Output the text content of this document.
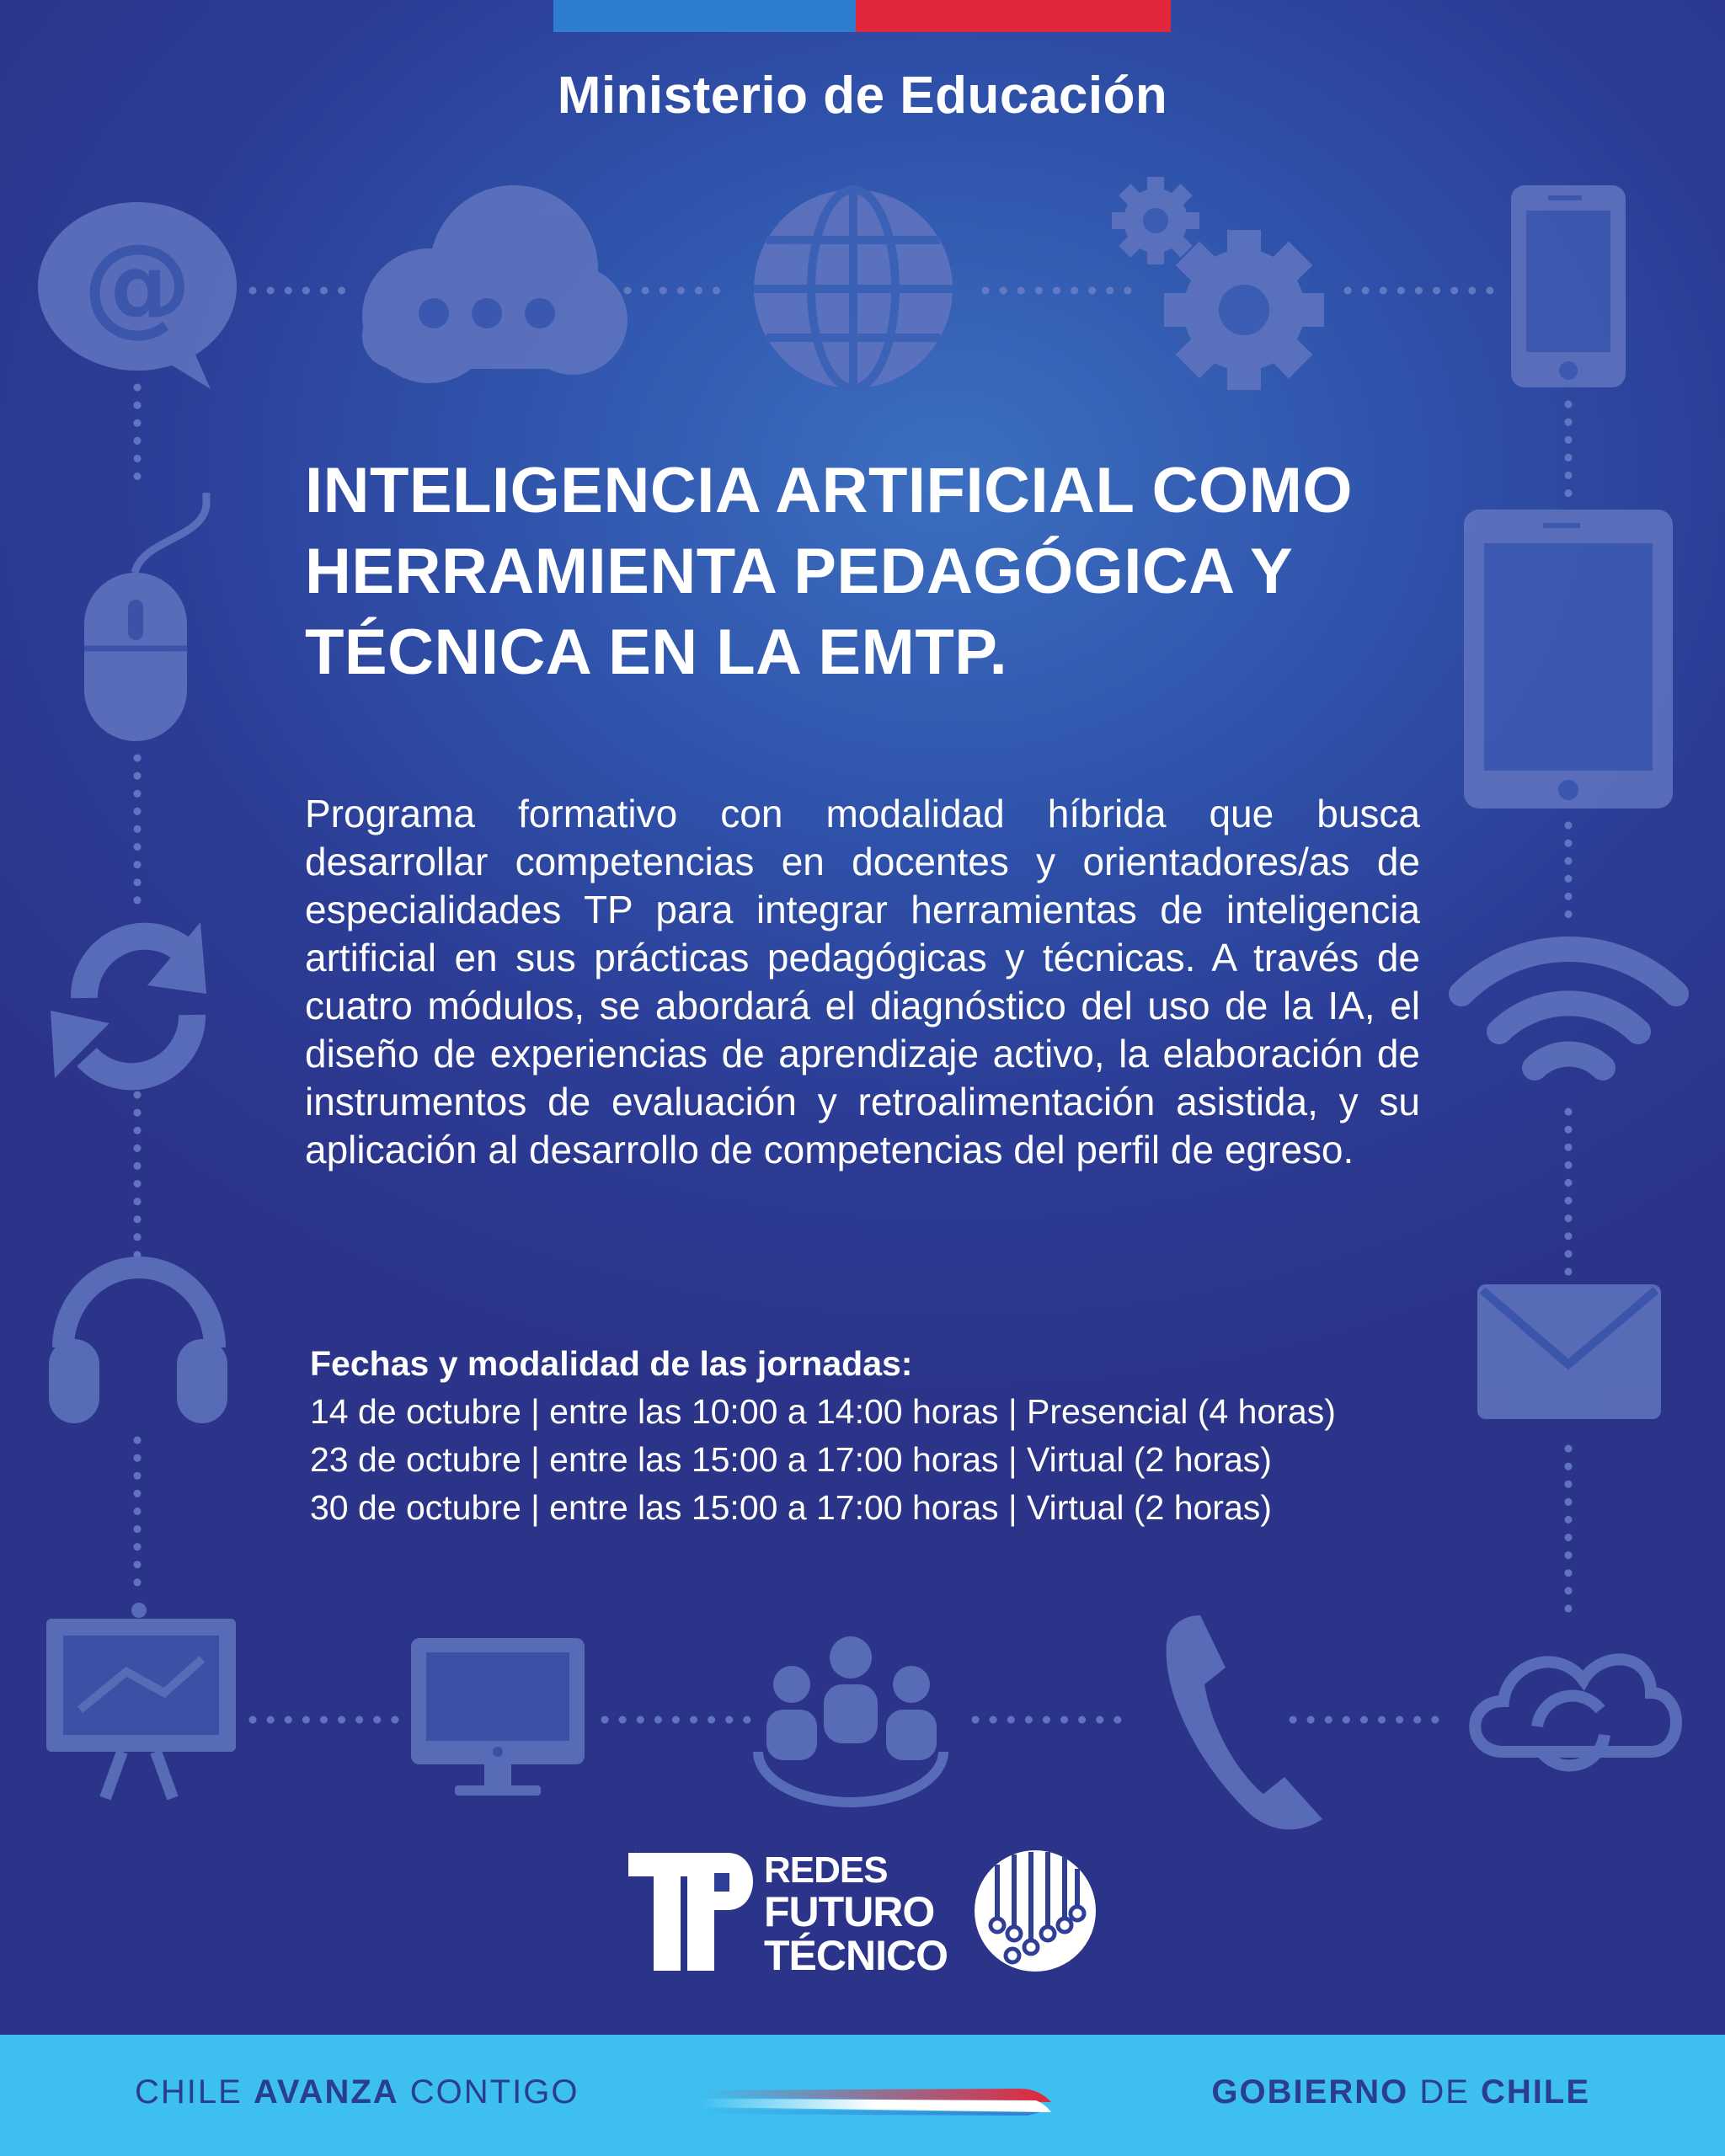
Ministerio de Educación
@
INTELIGENCIA ARTIFICIAL COMO
HERRAMIENTA PEDAGÓGICA Y
TÉCNICA EN LA EMTP.

Programa formativo con modalidad híbrida que busca desarrollar competencias en docentes y orientadores/as de especialidades TP para integrar herramientas de inteligencia artificial en sus prácticas pedagógicas y técnicas. A través de cuatro módulos, se abordará el diagnóstico del uso de la IA, el diseño de experiencias de aprendizaje activo, la elaboración de instrumentos de evaluación y retroalimentación asistida, y su aplicación al desarrollo de competencias del perfil de egreso.

Fechas y modalidad de las jornadas:
14 de octubre | entre las 10:00 a 14:00 horas | Presencial (4 horas)
23 de octubre | entre las 15:00 a 17:00 horas | Virtual (2 horas)
30 de octubre | entre las 15:00 a 17:00 horas | Virtual (2 horas)
TP	REDES
FUTURO
TÉCNICO
CHILE AVANZA CONTIGO	GOBIERNO DE CHILE
